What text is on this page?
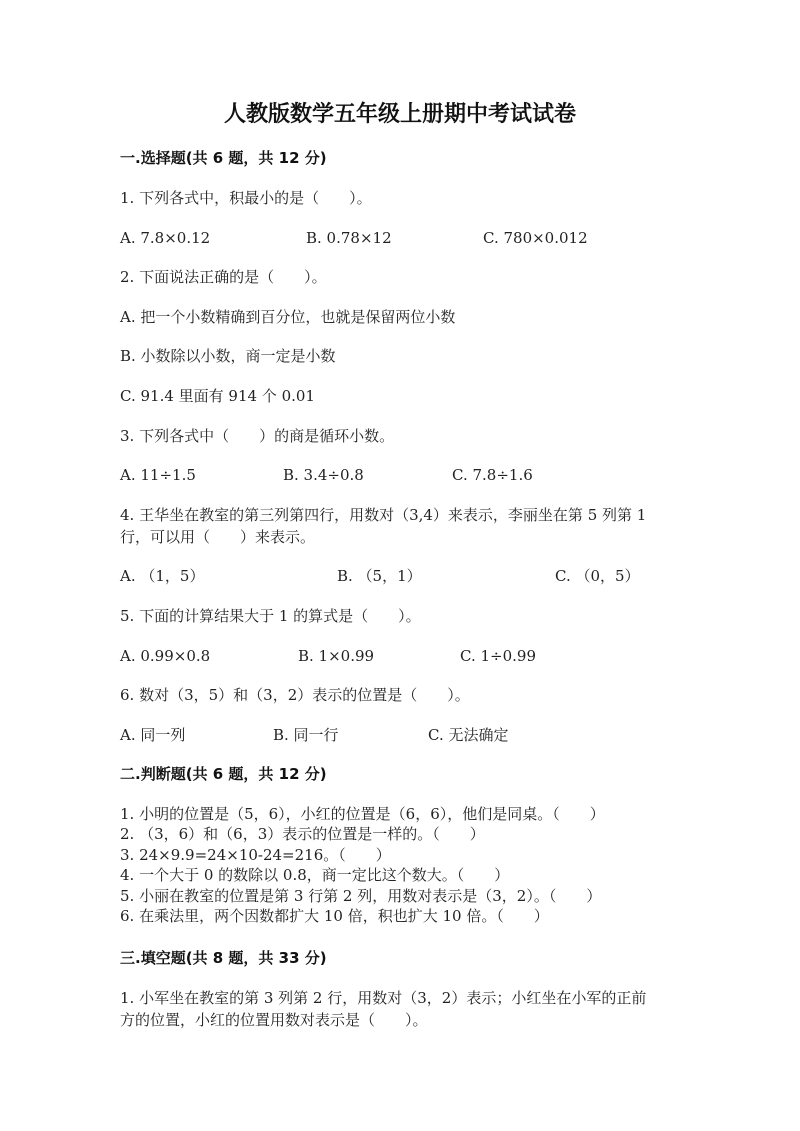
人教版数学五年级上册期中考试试卷
一.选择题(共 6 题，共 12 分)
1. 下列各式中，积最小的是（　　）。
A. 7.8×0.12	B. 0.78×12	C. 780×0.012
2. 下面说法正确的是（　　）。
A. 把一个小数精确到百分位，也就是保留两位小数
B. 小数除以小数，商一定是小数
C. 91.4 里面有 914 个 0.01
3. 下列各式中（　　）的商是循环小数。
A. 11÷1.5	B. 3.4÷0.8	C. 7.8÷1.6
4. 王华坐在教室的第三列第四行，用数对（3,4）来表示，李丽坐在第 5 列第 1
行，可以用（　　）来表示。
A. （1，5）	B. （5，1）	C. （0，5）
5. 下面的计算结果大于 1 的算式是（　　）。
A. 0.99×0.8	B. 1×0.99	C. 1÷0.99
6. 数对（3，5）和（3，2）表示的位置是（　　）。
A. 同一列	B. 同一行	C. 无法确定
二.判断题(共 6 题，共 12 分)
1. 小明的位置是（5，6），小红的位置是（6，6），他们是同桌。（　　）
2. （3，6）和（6，3）表示的位置是一样的。（　　）
3. 24×9.9=24×10-24=216。（　　）
4. 一个大于 0 的数除以 0.8，商一定比这个数大。（　　）
5. 小丽在教室的位置是第 3 行第 2 列，用数对表示是（3，2）。（　　）
6. 在乘法里，两个因数都扩大 10 倍，积也扩大 10 倍。（　　）
三.填空题(共 8 题，共 33 分)
1. 小军坐在教室的第 3 列第 2 行，用数对（3，2）表示；小红坐在小军的正前
方的位置，小红的位置用数对表示是（　　）。
